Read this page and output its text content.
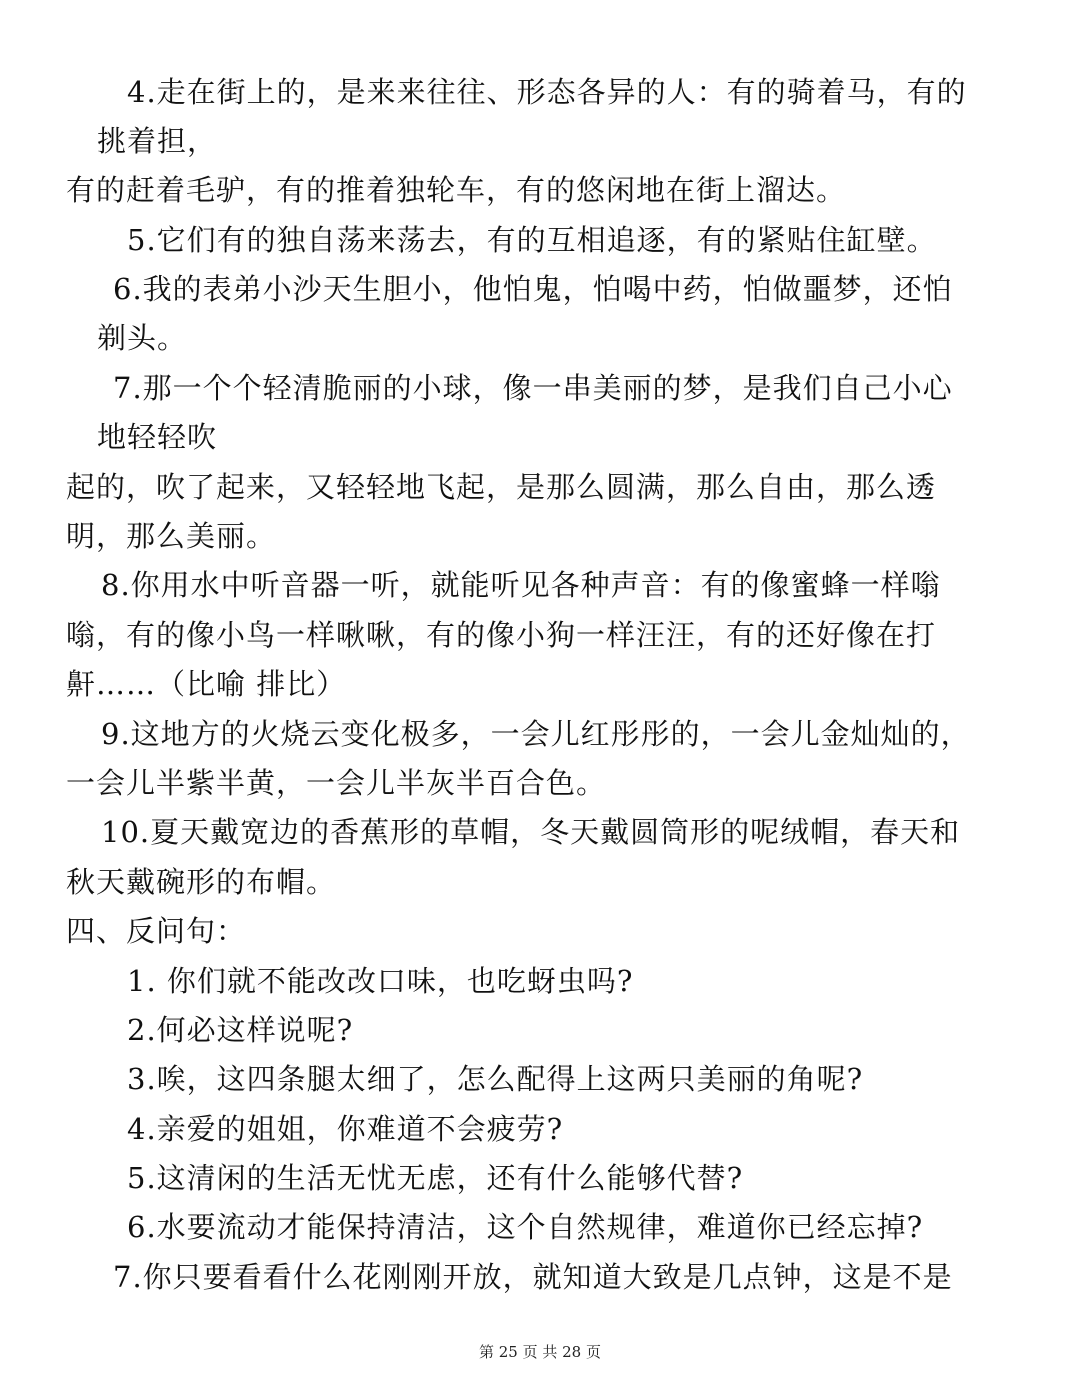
4.走在街上的，是来来往往、形态各异的人：有的骑着马，有的
挑着担，
有的赶着毛驴，有的推着独轮车，有的悠闲地在街上溜达。
5.它们有的独自荡来荡去，有的互相追逐，有的紧贴住缸壁。
6.我的表弟小沙天生胆小，他怕鬼，怕喝中药，怕做噩梦，还怕
剃头。
7.那一个个轻清脆丽的小球，像一串美丽的梦，是我们自己小心
地轻轻吹
起的，吹了起来，又轻轻地飞起，是那么圆满，那么自由，那么透
明，那么美丽。
8.你用水中听音器一听，就能听见各种声音：有的像蜜蜂一样嗡
嗡，有的像小鸟一样啾啾，有的像小狗一样汪汪，有的还好像在打
鼾……（比喻 排比）
9.这地方的火烧云变化极多，一会儿红彤彤的，一会儿金灿灿的，
一会儿半紫半黄，一会儿半灰半百合色。
10.夏天戴宽边的香蕉形的草帽，冬天戴圆筒形的呢绒帽，春天和
秋天戴碗形的布帽。
四、反问句：
1. 你们就不能改改口味，也吃蚜虫吗?
2.何必这样说呢?
3.唉，这四条腿太细了，怎么配得上这两只美丽的角呢?
4.亲爱的姐姐，你难道不会疲劳?
5.这清闲的生活无忧无虑，还有什么能够代替?
6.水要流动才能保持清洁，这个自然规律，难道你已经忘掉?
7.你只要看看什么花刚刚开放，就知道大致是几点钟，这是不是
第 25 页 共 28 页
